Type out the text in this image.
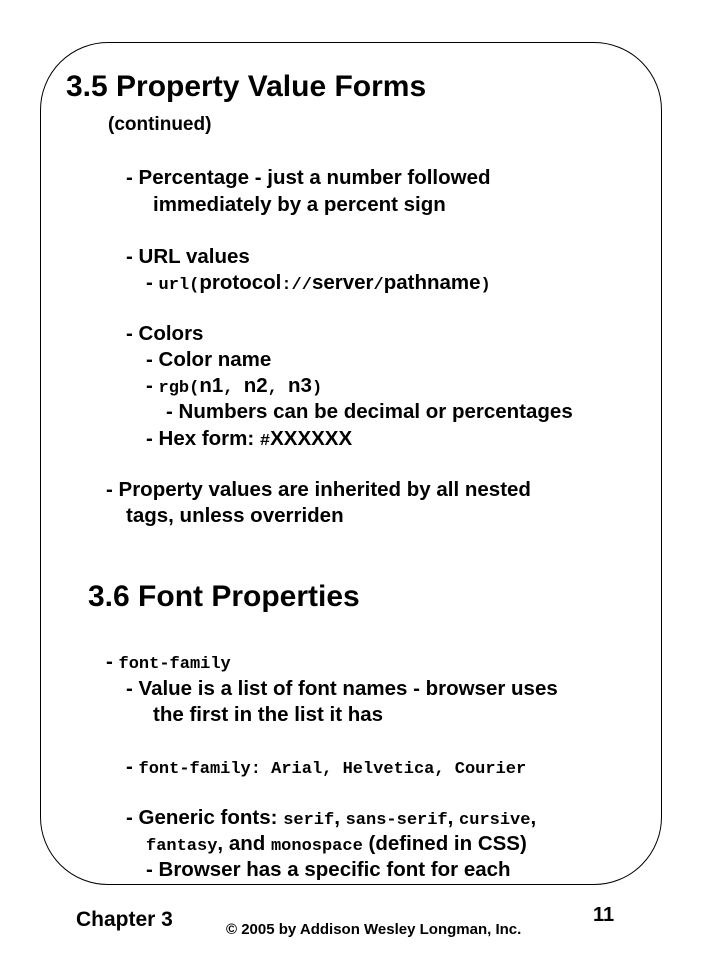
3.5 Property Value Forms
(continued)
- Percentage - just a number followed
immediately by a percent sign
- URL values
- url(protocol://server/pathname)
- Colors
- Color name
- rgb(n1, n2, n3)
- Numbers can be decimal or percentages
- Hex form: #XXXXXX
- Property values are inherited by all nested
tags, unless overriden
3.6 Font Properties
- font-family
- Value is a list of font names - browser uses
the first in the list it has
- font-family: Arial, Helvetica, Courier
- Generic fonts: serif, sans-serif, cursive,
fantasy, and monospace (defined in CSS)
- Browser has a specific font for each
Chapter 3	© 2005 by Addison Wesley Longman, Inc.
11
